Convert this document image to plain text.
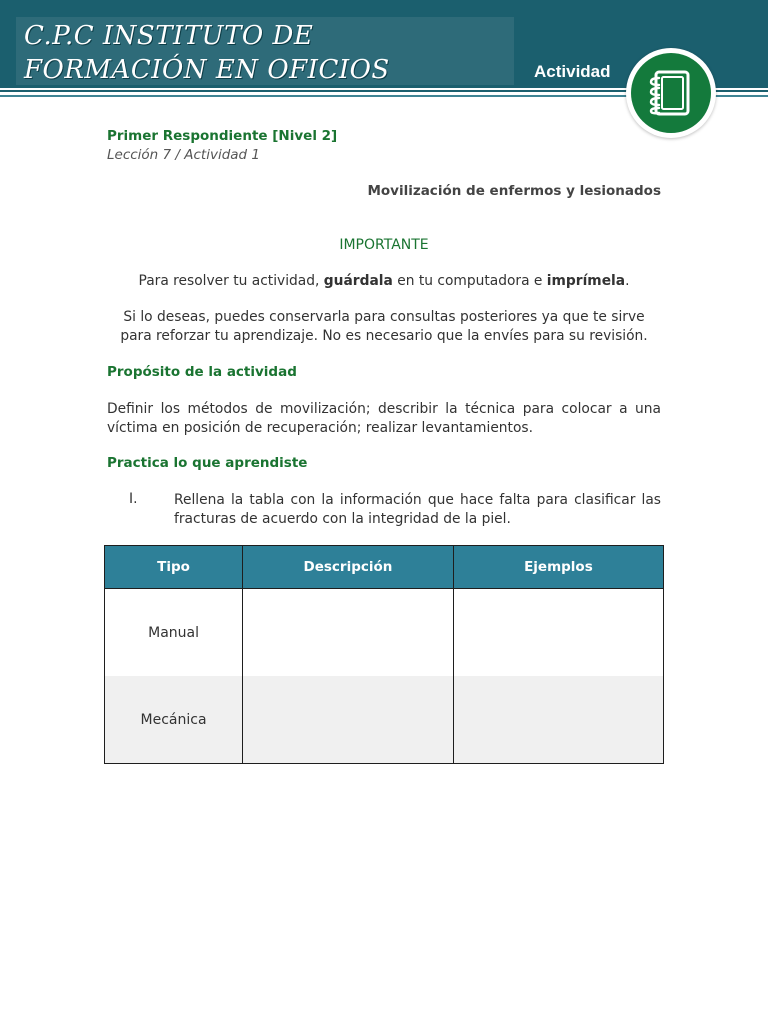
C.P.C INSTITUTO DE
FORMACIÓN EN OFICIOS	Actividad
Primer Respondiente [Nivel 2]
Lección 7 / Actividad 1
Movilización de enfermos y lesionados
IMPORTANTE
Para resolver tu actividad, guárdala en tu computadora e imprímela.
Si lo deseas, puedes conservarla para consultas posteriores ya que te sirve para reforzar tu aprendizaje. No es necesario que la envíes para su revisión.
Propósito de la actividad
Definir los métodos de movilización; describir la técnica para colocar a una víctima en posición de recuperación; realizar levantamientos.
Practica lo que aprendiste
I.	Rellena la tabla con la información que hace falta para clasificar las fracturas de acuerdo con la integridad de la piel.
Tipo	Descripción	Ejemplos
Manual		
Mecánica		
